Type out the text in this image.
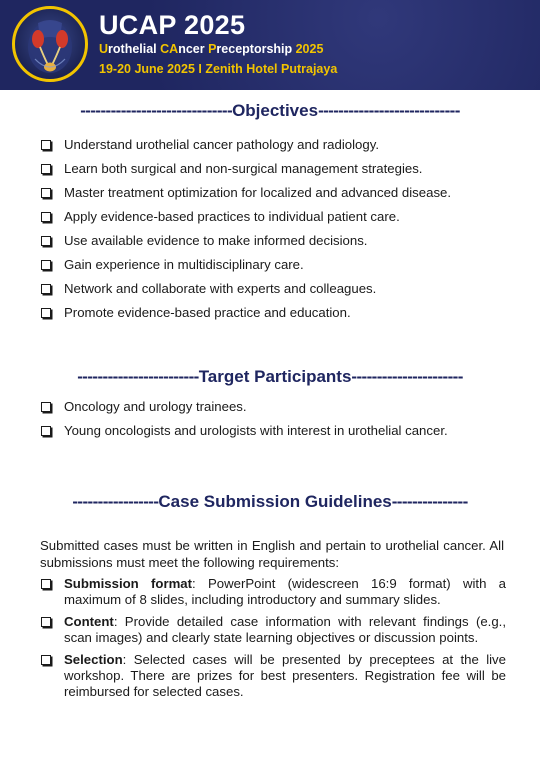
UCAP 2025
Urothelial CAncer Preceptorship 2025
19-20 June 2025 I Zenith Hotel Putrajaya
------------------------------Objectives----------------------------
Understand urothelial cancer pathology and radiology.
Learn both surgical and non-surgical management strategies.
Master treatment optimization for localized and advanced disease.
Apply evidence-based practices to individual patient care.
Use available evidence to make informed decisions.
Gain experience in multidisciplinary care.
Network and collaborate with experts and colleagues.
Promote evidence-based practice and education.
------------------------Target Participants----------------------
Oncology and urology trainees.
Young oncologists and urologists with interest in urothelial cancer.
-----------------Case Submission Guidelines---------------

Submitted cases must be written in English and pertain to urothelial cancer. All submissions must meet the following requirements:

Submission format: PowerPoint (widescreen 16:9 format) with a maximum of 8 slides, including introductory and summary slides.
Content: Provide detailed case information with relevant findings (e.g., scan images) and clearly state learning objectives or discussion points.
Selection: Selected cases will be presented by preceptees at the live workshop. There are prizes for best presenters. Registration fee will be reimbursed for selected cases.
